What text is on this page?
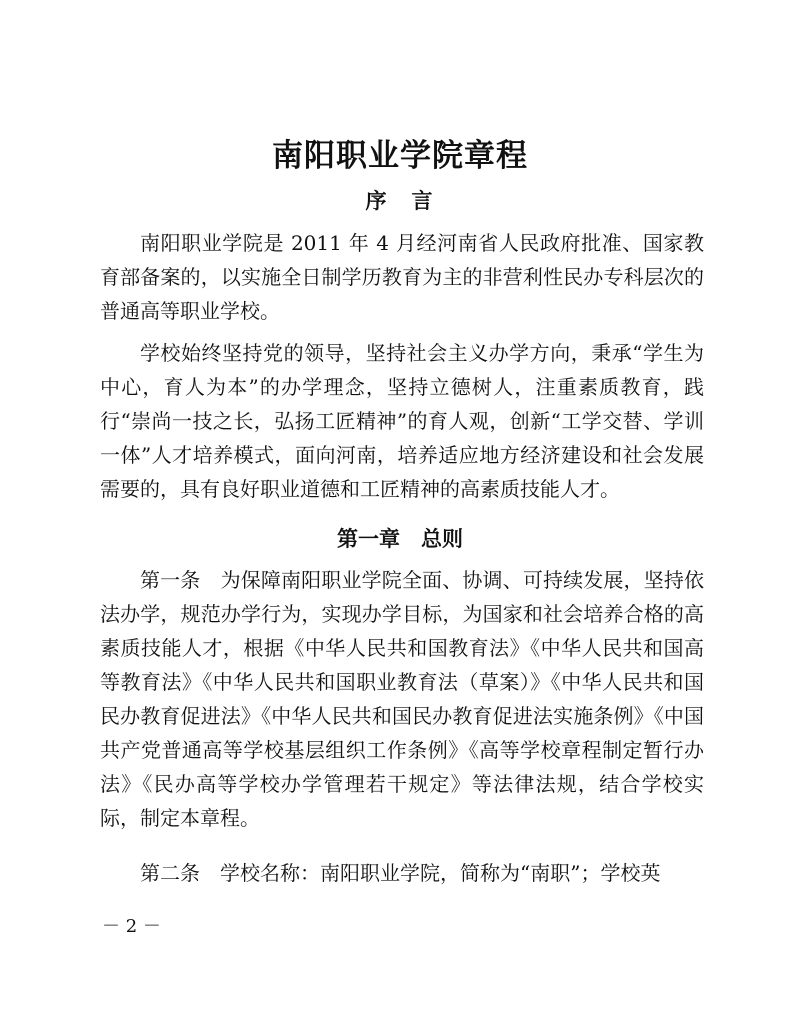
南阳职业学院章程
序　言

南阳职业学院是 2011 年 4 月经河南省人民政府批准、国家教育部备案的，以实施全日制学历教育为主的非营利性民办专科层次的普通高等职业学校。

学校始终坚持党的领导，坚持社会主义办学方向，秉承“学生为中心，育人为本”的办学理念，坚持立德树人，注重素质教育，践行“崇尚一技之长，弘扬工匠精神”的育人观，创新“工学交替、学训一体”人才培养模式，面向河南，培养适应地方经济建设和社会发展需要的，具有良好职业道德和工匠精神的高素质技能人才。

第一章　总则

第一条　为保障南阳职业学院全面、协调、可持续发展，坚持依法办学，规范办学行为，实现办学目标，为国家和社会培养合格的高素质技能人才，根据《中华人民共和国教育法》《中华人民共和国高等教育法》《中华人民共和国职业教育法（草案）》《中华人民共和国民办教育促进法》《中华人民共和国民办教育促进法实施条例》《中国共产党普通高等学校基层组织工作条例》《高等学校章程制定暂行办法》《民办高等学校办学管理若干规定》等法律法规，结合学校实际，制定本章程。

第二条　学校名称：南阳职业学院，简称为“南职”；学校英

－ 2 －
